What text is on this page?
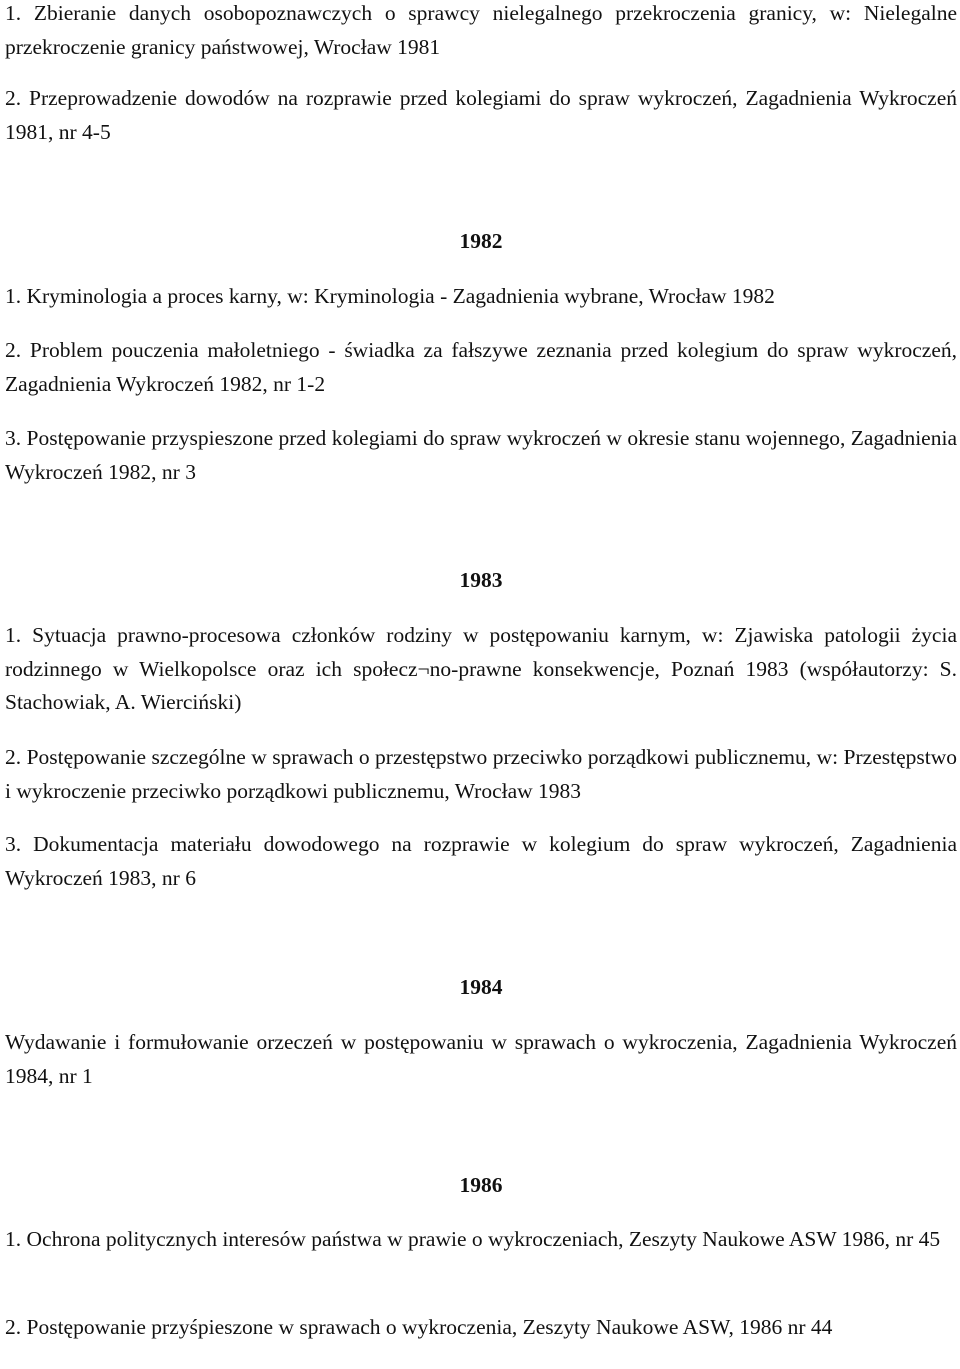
1. Zbieranie danych osobopoznawczych o sprawcy nielegalnego przekroczenia granicy, w: Nielegalne przekroczenie granicy państwowej, Wrocław 1981

2. Przeprowadzenie dowodów na rozprawie przed kolegiami do spraw wykroczeń, Zagadnienia Wykroczeń 1981, nr 4-5

1982

1. Kryminologia a proces karny, w: Kryminologia - Zagadnienia wybrane, Wrocław 1982

2. Problem pouczenia małoletniego - świadka za fałszywe zeznania przed kolegium do spraw wykroczeń, Zagadnienia Wykroczeń 1982, nr 1-2

3. Postępowanie przyspieszone przed kolegiami do spraw wykroczeń w okresie stanu wojennego, Zagadnienia Wykroczeń 1982, nr 3

1983

1. Sytuacja prawno-procesowa członków rodziny w postępowaniu karnym, w: Zjawiska patologii życia rodzinnego w Wielkopolsce oraz ich społecz¬no-prawne konsekwencje, Poznań 1983 (współautorzy: S. Stachowiak, A. Wierciński)

2. Postępowanie szczególne w sprawach o przestępstwo przeciwko porządkowi publicznemu, w: Przestępstwo i wykroczenie przeciwko porządkowi publicznemu, Wrocław 1983

3. Dokumentacja materiału dowodowego na rozprawie w kolegium do spraw wykroczeń, Zagadnienia Wykroczeń 1983, nr 6

1984

Wydawanie i formułowanie orzeczeń w postępowaniu w sprawach o wykroczenia, Zagadnienia Wykroczeń 1984, nr 1

1986

1. Ochrona politycznych interesów państwa w prawie o wykroczeniach, Zeszyty Naukowe ASW 1986, nr 45

2. Postępowanie przyśpieszone w sprawach o wykroczenia, Zeszyty Naukowe ASW, 1986 nr 44
